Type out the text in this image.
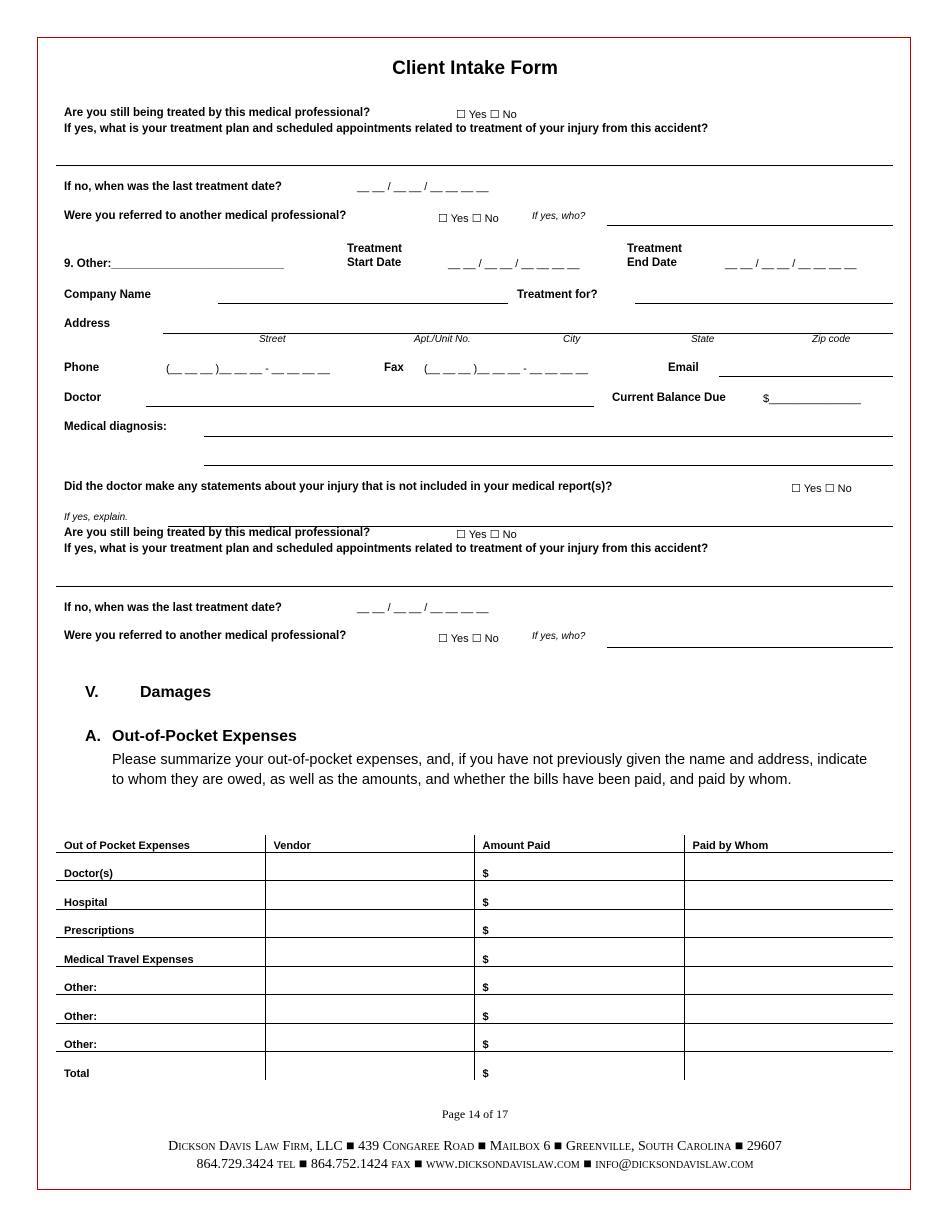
Client Intake Form
Are you still being treated by this medical professional?	☐ Yes ☐ No
If yes, what is your treatment plan and scheduled appointments related to treatment of your injury from this accident?
If no, when was the last treatment date?	__ __ / __ __ / __ __ __ __
Were you referred to another medical professional?	☐ Yes ☐ No	If yes, who?
9. Other:___________________________
Treatment
Start Date	__ __ / __ __ / __ __ __ __
Treatment
End Date	__ __ / __ __ / __ __ __ __
Company Name	Treatment for?
Address
Street	Apt./Unit No.	City	State	Zip code
Phone	(__ __ __ )__ __ __ - __ __ __ __	Fax (__ __ __ )__ __ __ - __ __ __ __	Email
Doctor	Current Balance Due	$_______________
Medical diagnosis:
Did the doctor make any statements about your injury that is not included in your medical report(s)?	☐ Yes ☐ No
If yes, explain.
Are you still being treated by this medical professional?	☐ Yes ☐ No
If yes, what is your treatment plan and scheduled appointments related to treatment of your injury from this accident?
If no, when was the last treatment date?	__ __ / __ __ / __ __ __ __
Were you referred to another medical professional?	☐ Yes ☐ No	If yes, who?
V.	Damages
A. Out-of-Pocket Expenses
Please summarize your out-of-pocket expenses, and, if you have not previously given the name and address, indicate to whom they are owed, as well as the amounts, and whether the bills have been paid, and paid by whom.
Out of Pocket Expenses	Vendor	Amount Paid	Paid by Whom
Doctor(s)		$	
Hospital		$	
Prescriptions		$	
Medical Travel Expenses		$	
Other:		$	
Other:		$	
Other:		$	
Total		$	
Page 14 of 17
Dickson Davis Law Firm, LLC ■ 439 Congaree Road ■ Mailbox 6 ■ Greenville, South Carolina ■ 29607
864.729.3424 tel ■ 864.752.1424 fax ■ www.dicksondavislaw.com ■ info@dicksondavislaw.com
